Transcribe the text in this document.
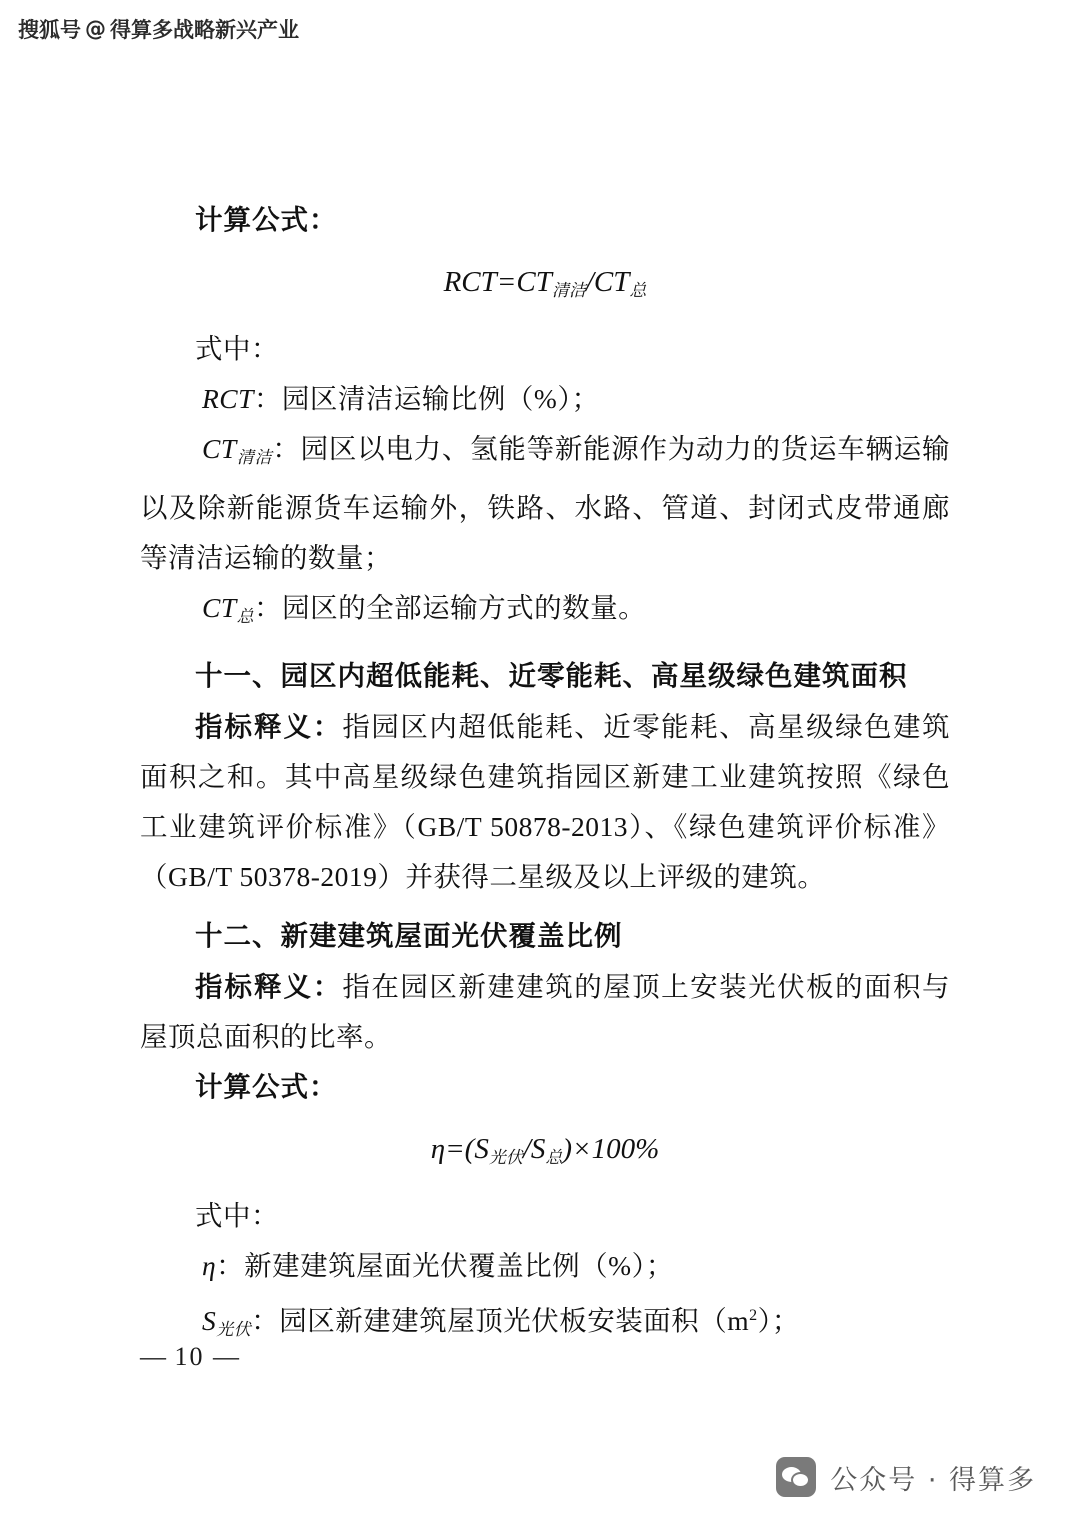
搜狐号 @ 得算多战略新兴产业

计算公式：

$RCT=CT_{清洁}/CT_总$

式中：

RCT：园区清洁运输比例（%）；

CT清洁：园区以电力、氢能等新能源作为动力的货运车辆运输以及除新能源货车运输外，铁路、水路、管道、封闭式皮带通廊等清洁运输的数量；

CT总：园区的全部运输方式的数量。

十一、园区内超低能耗、近零能耗、高星级绿色建筑面积

指标释义：指园区内超低能耗、近零能耗、高星级绿色建筑面积之和。其中高星级绿色建筑指园区新建工业建筑按照《绿色工业建筑评价标准》（GB/T 50878-2013）、《绿色建筑评价标准》（GB/T 50378-2019）并获得二星级及以上评级的建筑。

十二、新建建筑屋面光伏覆盖比例

指标释义：指在园区新建建筑的屋顶上安装光伏板的面积与屋顶总面积的比率。

计算公式：

$\eta=(S_{光伏}/S_总)\times 100\%$

式中：

η：新建建筑屋面光伏覆盖比例（%）；

S光伏：园区新建建筑屋顶光伏板安装面积$(m^2)$；

— 10 —
公众号 · 得算多
